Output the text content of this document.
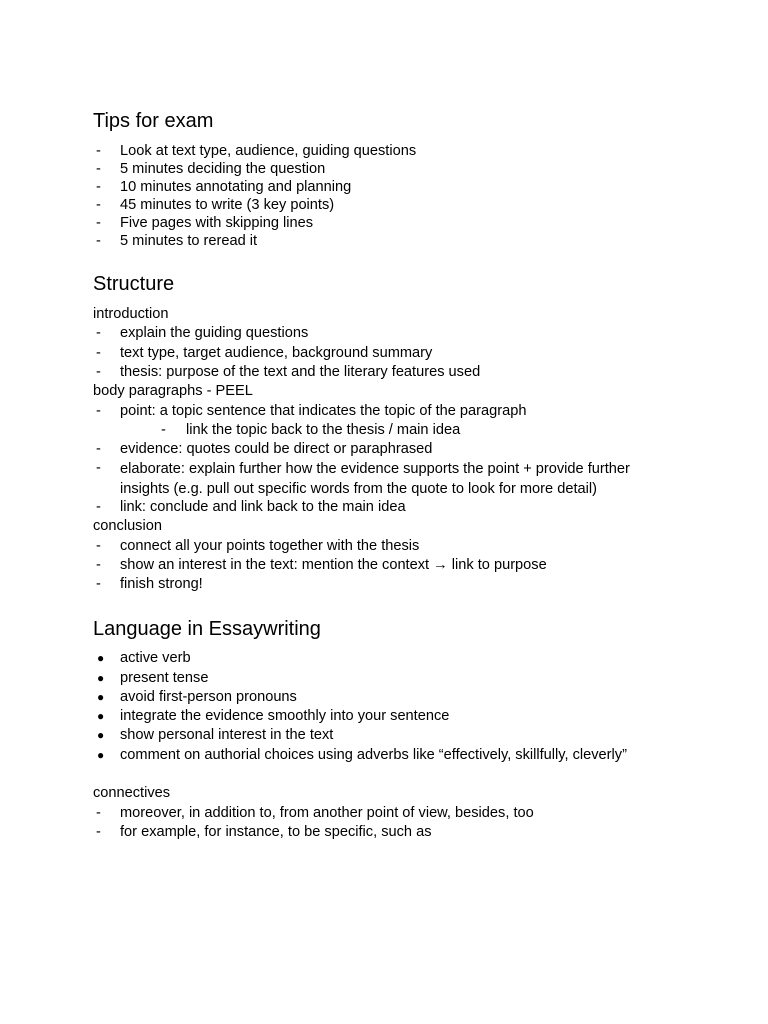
Tips for exam
- Look at text type, audience, guiding questions
- 5 minutes deciding the question
- 10 minutes annotating and planning
- 45 minutes to write (3 key points)
- Five pages with skipping lines
- 5 minutes to reread it
Structure
introduction
- explain the guiding questions
- text type, target audience, background summary
- thesis: purpose of the text and the literary features used
body paragraphs - PEEL
- point: a topic sentence that indicates the topic of the paragraph
- link the topic back to the thesis / main idea
- evidence: quotes could be direct or paraphrased
- elaborate: explain further how the evidence supports the point + provide further insights (e.g. pull out specific words from the quote to look for more detail)
- link: conclude and link back to the main idea
conclusion
- connect all your points together with the thesis
- show an interest in the text: mention the context → link to purpose
- finish strong!
Language in Essaywriting
● active verb
● present tense
● avoid first-person pronouns
● integrate the evidence smoothly into your sentence
● show personal interest in the text
● comment on authorial choices using adverbs like “effectively, skillfully, cleverly”
connectives
- moreover, in addition to, from another point of view, besides, too
- for example, for instance, to be specific, such as
